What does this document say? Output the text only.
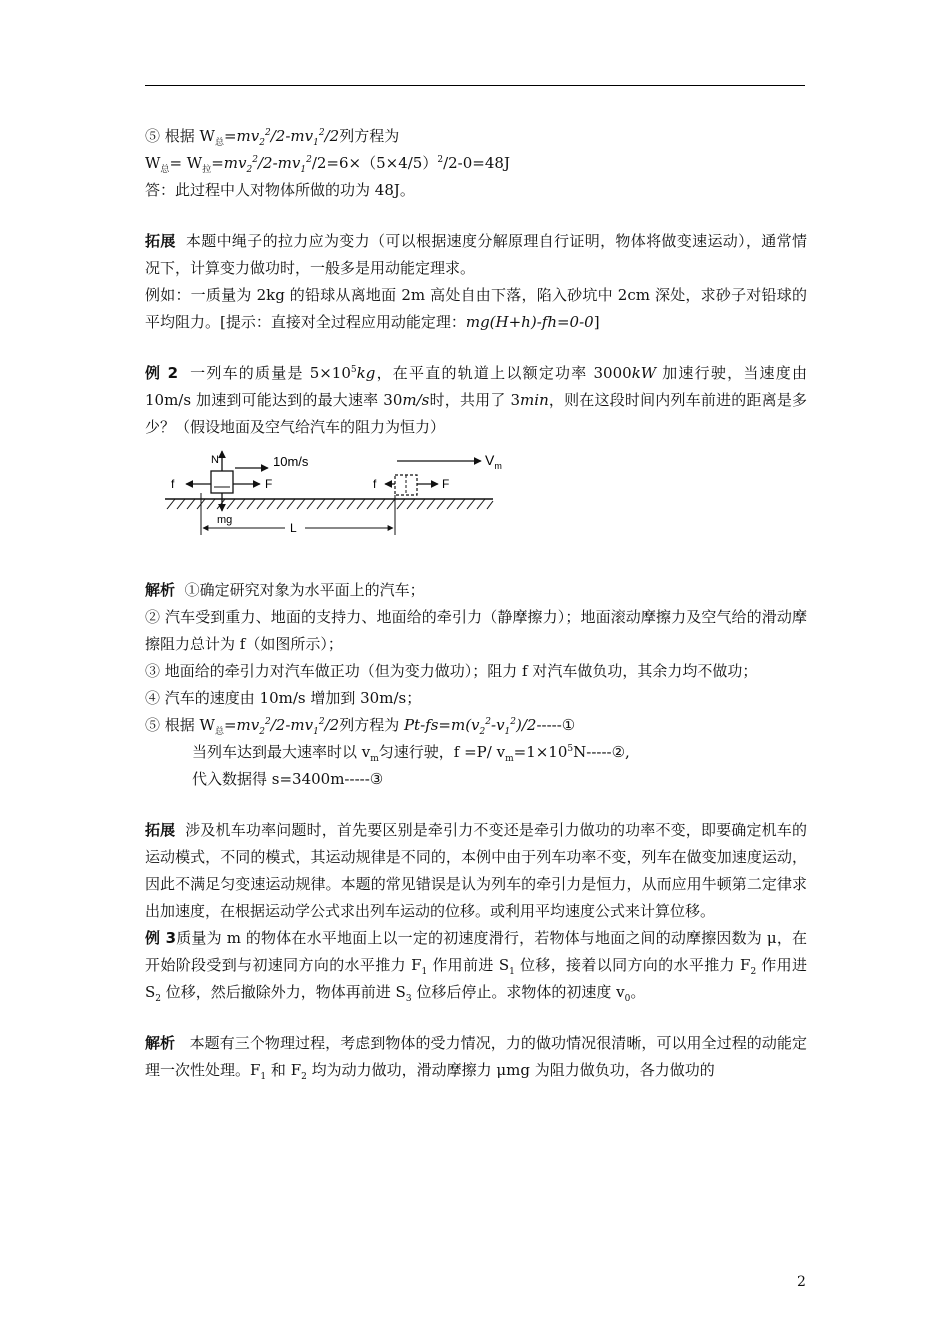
⑤ 根据 $W_总=mv_2^2/2-mv_1^2/2$列方程为

$W_总= W_拉=mv_2^2/2-mv_1^2/2=6\times(5\times 4/5)^2/2-0=48J$

答：此过程中人对物体所做的功为 48J。

拓展 本题中绳子的拉力应为变力（可以根据速度分解原理自行证明，物体将做变速运动），通常情况下，计算变力做功时，一般多是用动能定理求。

例如：一质量为 2kg 的铅球从离地面 2m 高处自由下落，陷入砂坑中 2cm 深处，求砂子对铅球的平均阻力。[提示：直接对全过程应用动能定理：mg(H+h)-fh=0-0]

例 2 一列车的质量是 $5\times 10^5kg$，在平直的轨道上以额定功率 3000kW 加速行驶，当速度由 10m/s 加速到可能达到的最大速率 30m/s时，共用了 3min，则在这段时间内列车前进的距离是多少？（假设地面及空气给汽车的阻力为恒力）

N
mg
10m/s
f	F
$V_m$
f	F
L

解析 ①确定研究对象为水平面上的汽车；

② 汽车受到重力、地面的支持力、地面给的牵引力（静摩擦力）；地面滚动摩擦力及空气给的滑动摩擦阻力总计为 f（如图所示）；

③ 地面给的牵引力对汽车做正功（但为变力做功）；阻力 f 对汽车做负功，其余力均不做功；

④ 汽车的速度由 10m/s 增加到 30m/s；

⑤ 根据 $W_总=mv_2^2/2-mv_1^2/2$列方程为 $Pt-fs=m(v_2^2-v_1^2)/2-----①$

当列车达到最大速率时以 $v_m$匀速行驶，f =P/ $v_m=1\times 10^5N-----②$,

代入数据得 s=3400m-----③

拓展 涉及机车功率问题时，首先要区别是牵引力不变还是牵引力做功的功率不变，即要确定机车的运动模式，不同的模式，其运动规律是不同的，本例中由于列车功率不变，列车在做变加速度运动，因此不满足匀变速运动规律。本题的常见错误是认为列车的牵引力是恒力，从而应用牛顿第二定律求出加速度，在根据运动学公式求出列车运动的位移。或利用平均速度公式来计算位移。

例 3质量为 m 的物体在水平地面上以一定的初速度滑行，若物体与地面之间的动摩擦因数为 μ，在开始阶段受到与初速同方向的水平推力 $F_1$ 作用前进 $S_1$ 位移，接着以同方向的水平推力 $F_2$ 作用进 $S_2$ 位移，然后撤除外力，物体再前进 $S_3$ 位移后停止。求物体的初速度 $v_0$。

解析 本题有三个物理过程，考虑到物体的受力情况，力的做功情况很清晰，可以用全过程的动能定理一次性处理。$F_1$ 和 $F_2$ 均为动力做功，滑动摩擦力 μmg 为阻力做负功，各力做功的

2
